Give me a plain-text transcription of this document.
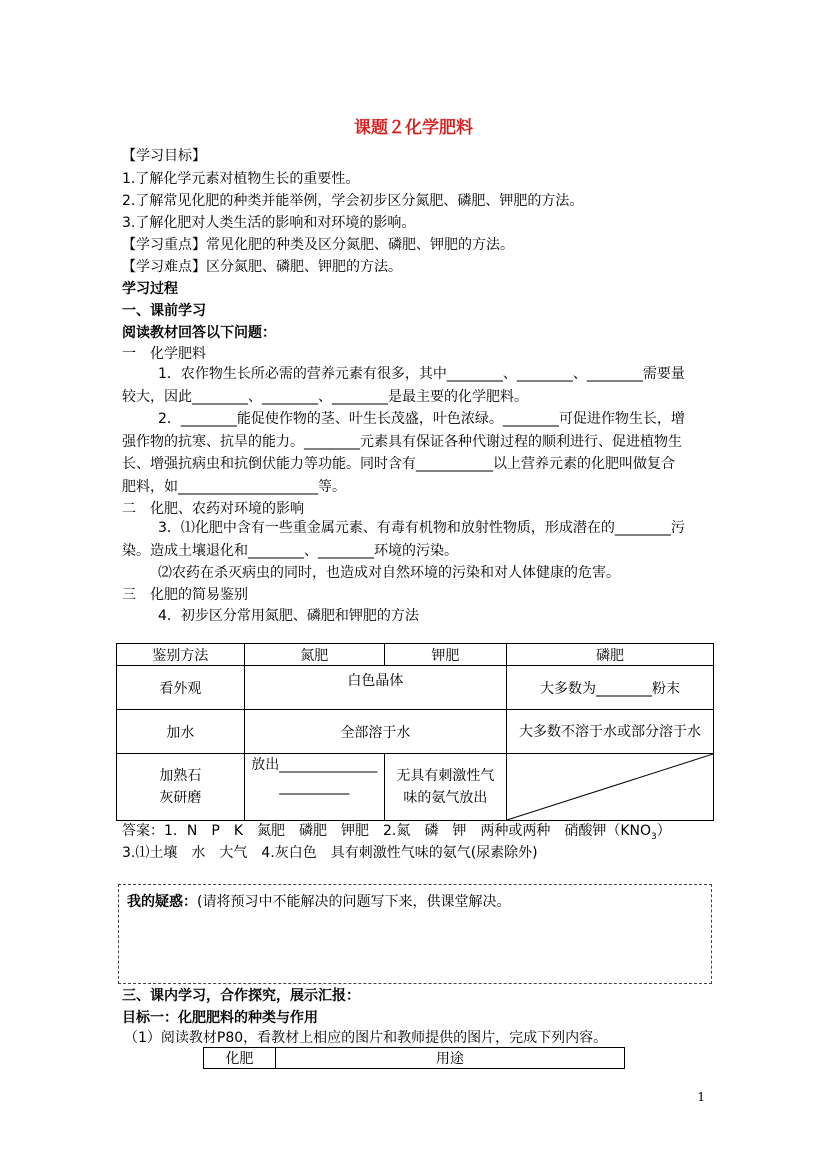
课题２化学肥料
【学习目标】
1.了解化学元素对植物生长的重要性。
2.了解常见化肥的种类并能举例，学会初步区分氮肥、磷肥、钾肥的方法。
3.了解化肥对人类生活的影响和对环境的影响。
【学习重点】常见化肥的种类及区分氮肥、磷肥、钾肥的方法。
【学习难点】区分氮肥、磷肥、钾肥的方法。
学习过程
一、课前学习
阅读教材回答以下问题：
一　化学肥料
1．农作物生长所必需的营养元素有很多，其中________、________、________需要量
较大，因此________、________、________是最主要的化学肥料。
2．________能促使作物的茎、叶生长茂盛，叶色浓绿。________可促进作物生长，增
强作物的抗寒、抗旱的能力。________元素具有保证各种代谢过程的顺利进行、促进植物生
长、增强抗病虫和抗倒伏能力等功能。同时含有___________以上营养元素的化肥叫做复合
肥料，如____________________等。
二　化肥、农药对环境的影响
3．⑴化肥中含有一些重金属元素、有毒有机物和放射性物质，形成潜在的________污
染。造成土壤退化和________、________环境的污染。
⑵农药在杀灭病虫的同时，也造成对自然环境的污染和对人体健康的危害。
三　化肥的简易鉴别
4．初步区分常用氮肥、磷肥和钾肥的方法
鉴别方法	氮肥	钾肥	磷肥
看外观	白色晶体		大多数为________粉末
加水	全部溶于水		大多数不溶于水或部分溶于水
加熟石灰研磨	放出________________________	无具有刺激性气味的氨气放出	
答案：1．N　P　K　氮肥　磷肥　钾肥　2.氮　磷　钾　两种或两种　硝酸钾$(KNO_3)$
3.⑴土壤　水　大气　4.灰白色　具有刺激性气味的氨气(尿素除外)
我的疑惑：(请将预习中不能解决的问题写下来，供课堂解决。
三、课内学习，合作探究，展示汇报：
目标一：化肥肥料的种类与作用
（1）阅读教材P80，看教材上相应的图片和教师提供的图片，完成下列内容。
化肥	用途
1
